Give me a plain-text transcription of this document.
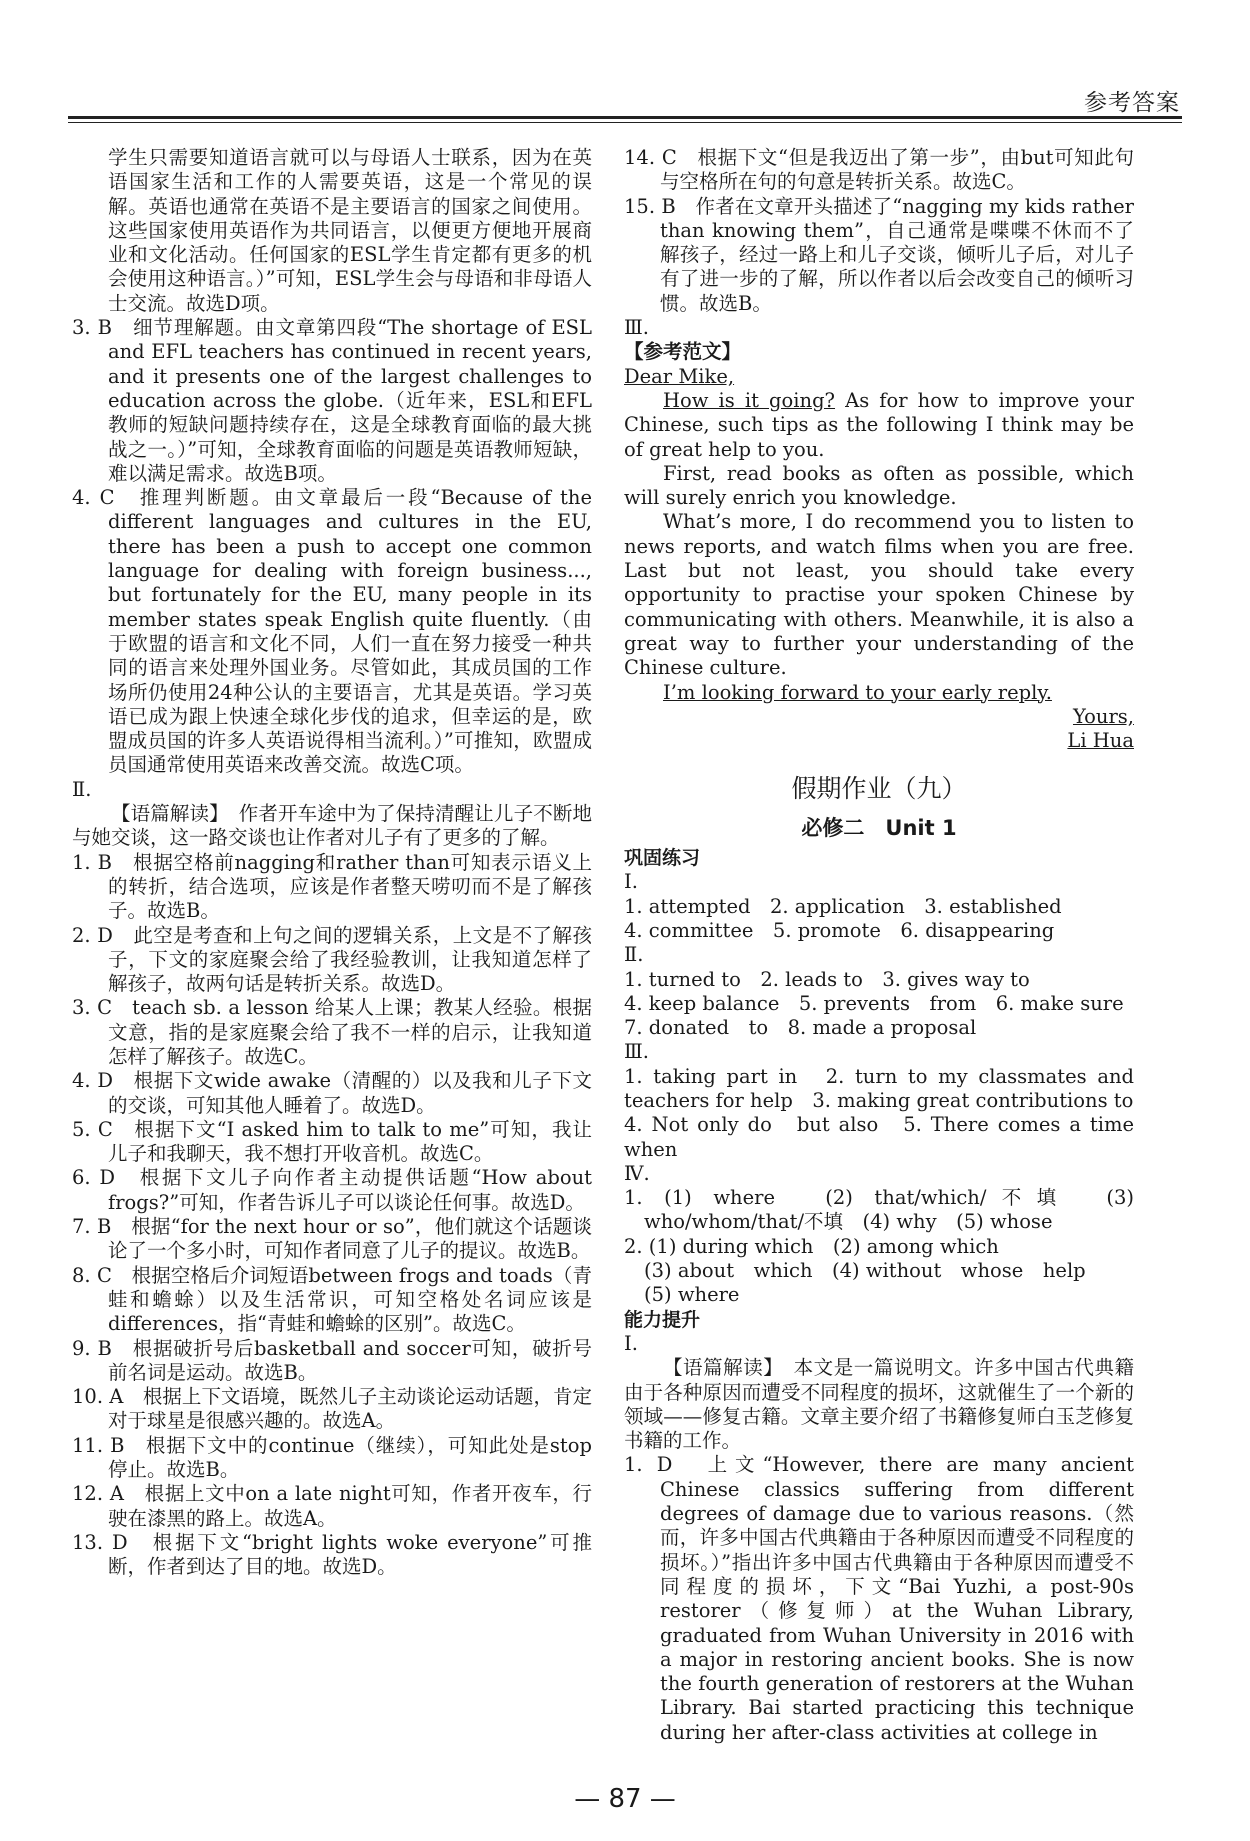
参考答案

学生只需要知道语言就可以与母语人士联系，因为在英语国家生活和工作的人需要英语，这是一个常见的误解。英语也通常在英语不是主要语言的国家之间使用。这些国家使用英语作为共同语言，以便更方便地开展商业和文化活动。任何国家的ESL学生肯定都有更多的机会使用这种语言。）”可知，ESL学生会与母语和非母语人士交流。故选D项。

3. B　细节理解题。由文章第四段“The shortage of ESL and EFL teachers has continued in recent years, and it presents one of the largest challenges to education across the globe.（近年来，ESL和EFL教师的短缺问题持续存在，这是全球教育面临的最大挑战之一。）”可知，全球教育面临的问题是英语教师短缺，难以满足需求。故选B项。

4. C　推理判断题。由文章最后一段“Because of the different languages and cultures in the EU, there has been a push to accept one common language for dealing with foreign business..., but fortunately for the EU, many people in its member states speak English quite fluently.（由于欧盟的语言和文化不同，人们一直在努力接受一种共同的语言来处理外国业务。尽管如此，其成员国的工作场所仍使用24种公认的主要语言，尤其是英语。学习英语已成为跟上快速全球化步伐的追求，但幸运的是，欧盟成员国的许多人英语说得相当流利。）”可推知，欧盟成员国通常使用英语来改善交流。故选C项。

Ⅱ.

【语篇解读】　作者开车途中为了保持清醒让儿子不断地与她交谈，这一路交谈也让作者对儿子有了更多的了解。

1. B　根据空格前nagging和rather than可知表示语义上的转折，结合选项，应该是作者整天唠叨而不是了解孩子。故选B。

2. D　此空是考查和上句之间的逻辑关系，上文是不了解孩子，下文的家庭聚会给了我经验教训，让我知道怎样了解孩子，故两句话是转折关系。故选D。

3. C　teach sb. a lesson 给某人上课；教某人经验。根据文意，指的是家庭聚会给了我不一样的启示，让我知道怎样了解孩子。故选C。

4. D　根据下文wide awake（清醒的）以及我和儿子下文的交谈，可知其他人睡着了。故选D。

5. C　根据下文“I asked him to talk to me”可知，我让儿子和我聊天，我不想打开收音机。故选C。

6. D　根据下文儿子向作者主动提供话题“How about frogs?”可知，作者告诉儿子可以谈论任何事。故选D。

7. B　根据“for the next hour or so”，他们就这个话题谈论了一个多小时，可知作者同意了儿子的提议。故选B。

8. C　根据空格后介词短语between frogs and toads（青蛙和蟾蜍）以及生活常识，可知空格处名词应该是differences，指“青蛙和蟾蜍的区别”。故选C。

9. B　根据破折号后basketball and soccer可知，破折号前名词是运动。故选B。

10. A　根据上下文语境，既然儿子主动谈论运动话题，肯定对于球星是很感兴趣的。故选A。

11. B　根据下文中的continue（继续），可知此处是stop停止。故选B。

12. A　根据上文中on a late night可知，作者开夜车，行驶在漆黑的路上。故选A。

13. D　根据下文“bright lights woke everyone”可推断，作者到达了目的地。故选D。

14. C　根据下文“但是我迈出了第一步”，由but可知此句与空格所在句的句意是转折关系。故选C。

15. B　作者在文章开头描述了“nagging my kids rather than knowing them”，自己通常是喋喋不休而不了解孩子，经过一路上和儿子交谈，倾听儿子后，对儿子有了进一步的了解，所以作者以后会改变自己的倾听习惯。故选B。

Ⅲ.

【参考范文】

Dear Mike,

How is it going? As for how to improve your Chinese, such tips as the following I think may be of great help to you.

First, read books as often as possible, which will surely enrich you knowledge.

What’s more, I do recommend you to listen to news reports, and watch films when you are free. Last but not least, you should take every opportunity to practise your spoken Chinese by communicating with others. Meanwhile, it is also a great way to further your understanding of the Chinese culture.

I’m looking forward to your early reply.

Yours,

Li Hua

假期作业（九）

必修二　Unit 1

巩固练习

Ⅰ.

1. attempted　2. application　3. established

4. committee　5. promote　6. disappearing

Ⅱ.

1. turned to　2. leads to　3. gives way to

4. keep balance　5. prevents　from　6. make sure

7. donated　to　8. made a proposal

Ⅲ.

1. taking part in　2. turn to my classmates and teachers for help　3. making great contributions to

4. Not only do　but also　5. There comes a time when

Ⅳ.

1. (1) where　(2) that/which/不填　(3) who/whom/that/不填　(4) why　(5) whose

2. (1) during which　(2) among which

(3) about　which　(4) without　whose　help

(5) where

能力提升

Ⅰ.

【语篇解读】　本文是一篇说明文。许多中国古代典籍由于各种原因而遭受不同程度的损坏，这就催生了一个新的领域——修复古籍。文章主要介绍了书籍修复师白玉芝修复书籍的工作。

1. D　上文“However, there are many ancient Chinese classics suffering from different degrees of damage due to various reasons.（然而，许多中国古代典籍由于各种原因而遭受不同程度的损坏。）”指出许多中国古代典籍由于各种原因而遭受不同程度的损坏，下文“Bai Yuzhi, a post-90s restorer（修复师）at the Wuhan Library, graduated from Wuhan University in 2016 with a major in restoring ancient books. She is now the fourth generation of restorers at the Wuhan Library. Bai started practicing this technique during her after-class activities at college in

— 87 —
